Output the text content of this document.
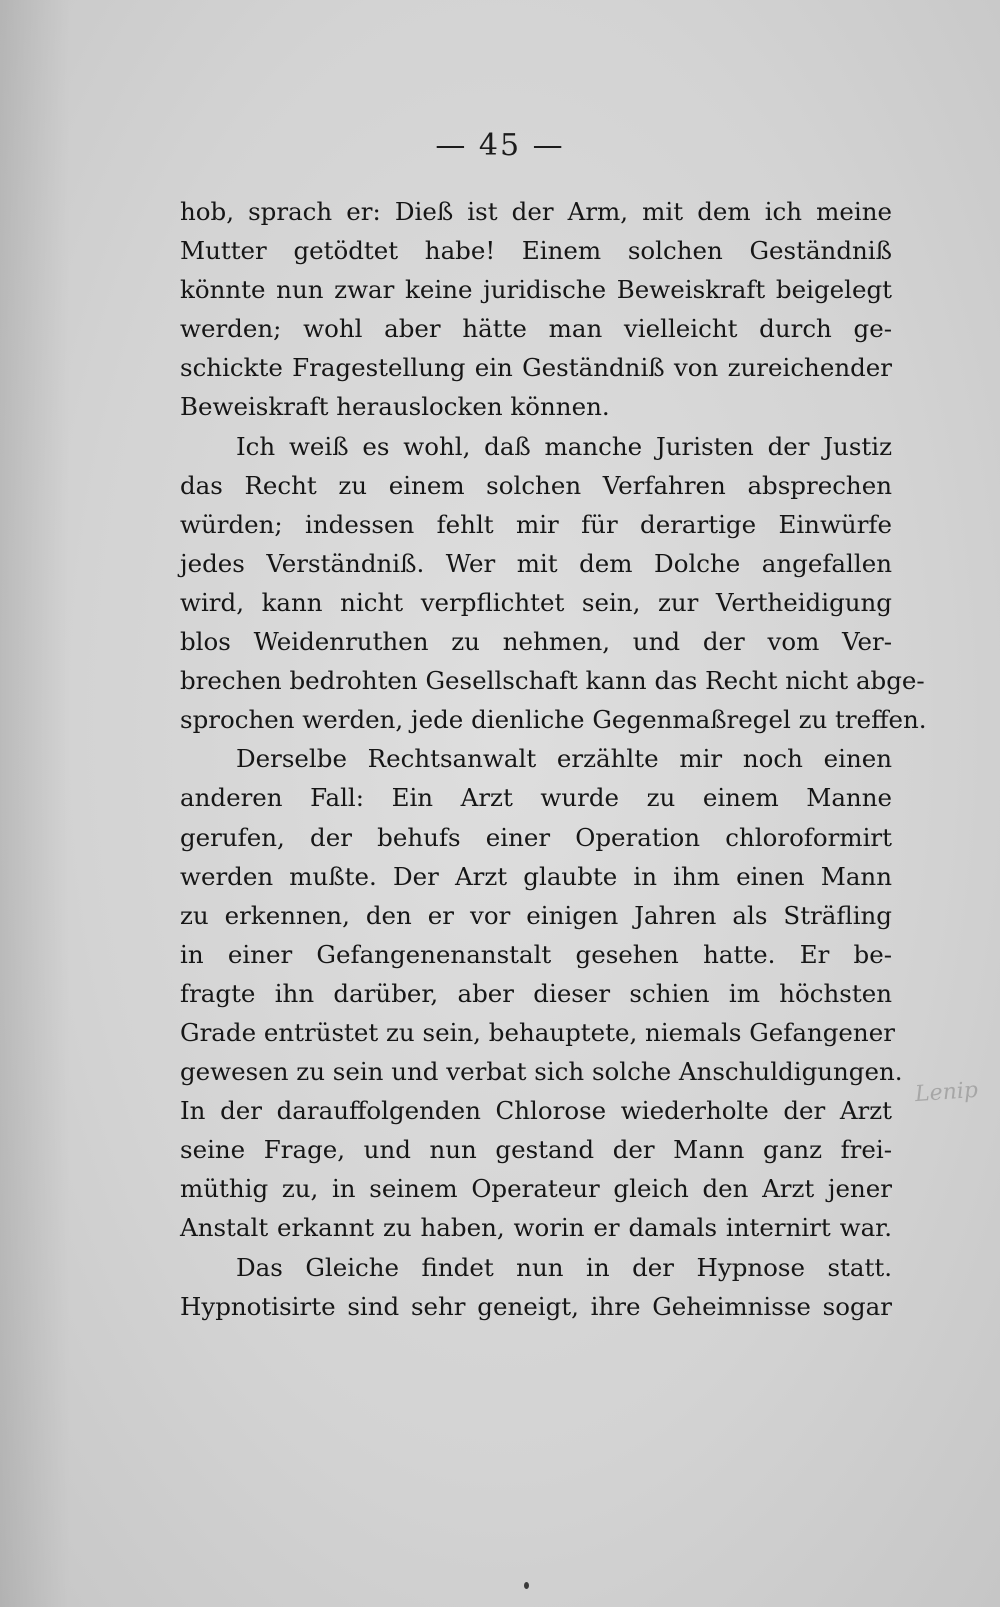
— 45 —
hob, sprach er: Dieß ist der Arm, mit dem ich meine
Mutter getödtet habe! Einem solchen Geständniß
könnte nun zwar keine juridische Beweiskraft beigelegt
werden; wohl aber hätte man vielleicht durch ge-
schickte Fragestellung ein Geständniß von zureichender
Beweiskraft herauslocken können.
Ich weiß es wohl, daß manche Juristen der Justiz
das Recht zu einem solchen Verfahren absprechen
würden; indessen fehlt mir für derartige Einwürfe
jedes Verständniß. Wer mit dem Dolche angefallen
wird, kann nicht verpflichtet sein, zur Vertheidigung
blos Weidenruthen zu nehmen, und der vom Ver-
brechen bedrohten Gesellschaft kann das Recht nicht abge-
sprochen werden, jede dienliche Gegenmaßregel zu treffen.
Derselbe Rechtsanwalt erzählte mir noch einen
anderen Fall: Ein Arzt wurde zu einem Manne
gerufen, der behufs einer Operation chloroformirt
werden mußte. Der Arzt glaubte in ihm einen Mann
zu erkennen, den er vor einigen Jahren als Sträfling
in einer Gefangenenanstalt gesehen hatte. Er be-
fragte ihn darüber, aber dieser schien im höchsten
Grade entrüstet zu sein, behauptete, niemals Gefangener
gewesen zu sein und verbat sich solche Anschuldigungen.
In der darauffolgenden Chlorose wiederholte der Arzt
seine Frage, und nun gestand der Mann ganz frei-
müthig zu, in seinem Operateur gleich den Arzt jener
Anstalt erkannt zu haben, worin er damals internirt war.
Das Gleiche findet nun in der Hypnose statt.
Hypnotisirte sind sehr geneigt, ihre Geheimnisse sogar
Lenip
